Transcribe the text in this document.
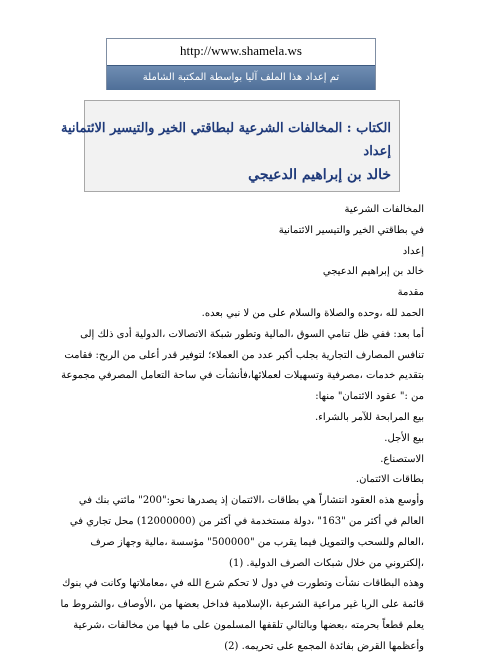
http://www.shamela.ws
تم إعداد هذا الملف آليا بواسطة المكتبة الشاملة
الكتاب : المخالفات الشرعية لبطاقتي الخير والتيسير الائتمانية
إعداد
خالد بن إبراهيم الدعيجي

المخالفات الشرعية

في بطاقتي الخير والتيسير الائتمانية

إعداد

خالد بن إبراهيم الدعيجي

مقدمة

الحمد لله ،وحده والصلاة والسلام على من لا نبي بعده.

أما بعد: ففي ظل تنامي السوق ،المالية وتطور شبكة الاتصالات ،الدولية أدى ذلك إلى

تنافس المصارف التجارية بجلب أكبر عدد من العملاء؛ لتوفير قدر أعلى من الربح: فقامت

بتقديم خدمات ،مصرفية وتسهيلات لعملائها،فأنشأت في ساحة التعامل المصرفي مجموعة

من :" عقود الائتمان" منها:

بيع المرابحة للآمر بالشراء.

بيع الأجل.

الاستصناع.

بطاقات الائتمان.

وأوسع هذه العقود انتشاراً هي بطاقات ،الائتمان إذ يصدرها نحو:"200" مائتي بنك في

العالم في أكثر من "163" ،دولة مستخدمة في أكثر من (12000000) محل تجاري في

،العالم وللسحب والتمويل فيما يقرب من "500000" مؤسسة ،مالية وجهاز صرف

،إلكتروني من خلال شبكات الصرف الدولية. (1)

وهذه البطاقات نشأت وتطورت في دول لا تحكم شرع الله في ،معاملاتها وكانت في بنوك

قائمة على الربا غير مراعية الشرعية ،الإسلامية فداخل بعضها من ،الأوصاف ،والشروط ما

يعلم قطعاً بحرمته ،بعضها وبالتالي تلقفها المسلمون على ما فيها من مخالفات ،شرعية

وأعظمها القرض بفائدة المجمع على تحريمه. (2)
